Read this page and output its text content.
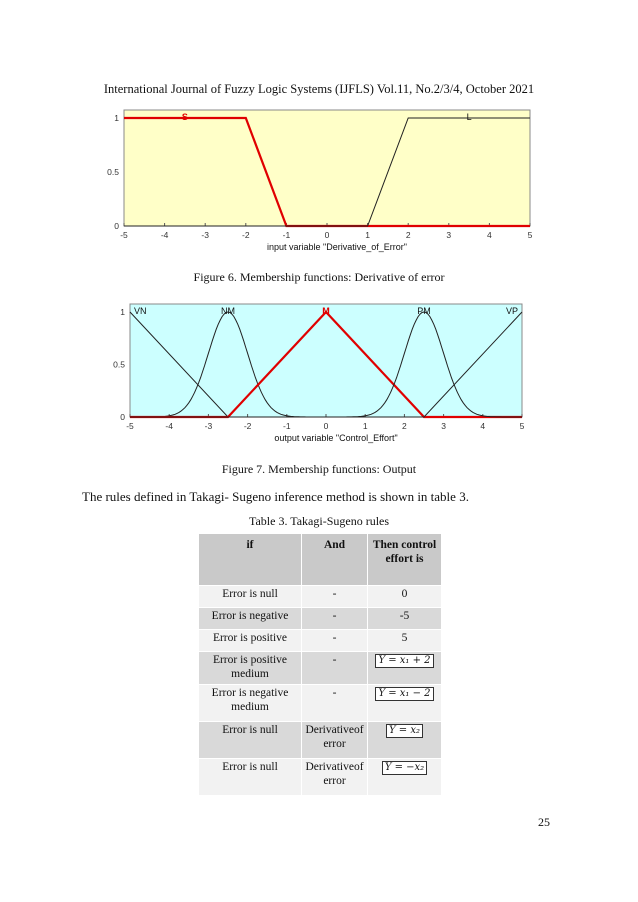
International Journal of Fuzzy Logic Systems (IJFLS) Vol.11, No.2/3/4, October 2021
-5	-4	-3	-2	-1	0	1	2	3	4	5
0
0.5
1
input variable "Derivative_of_Error"
S	L
Figure 6. Membership functions: Derivative of error
-5	-4	-3	-2	-1	0	1	2	3	4	5
0
0.5
1
output variable "Control_Effort"
VN	NM	M	PM	VP
Figure 7. Membership functions: Output
The rules defined in Takagi- Sugeno inference method is shown in table 3.
Table 3. Takagi-Sugeno rules
if	And	Then control effort is
Error is null	-	0
Error is negative	-	-5
Error is positive	-	5
Error is positive medium	-	Y = x₁ + 2
Error is negative medium	-	Y = x₁ − 2
Error is null	Derivativeof error	Y = x₂
Error is null	Derivativeof error	Y = −x₂
25
